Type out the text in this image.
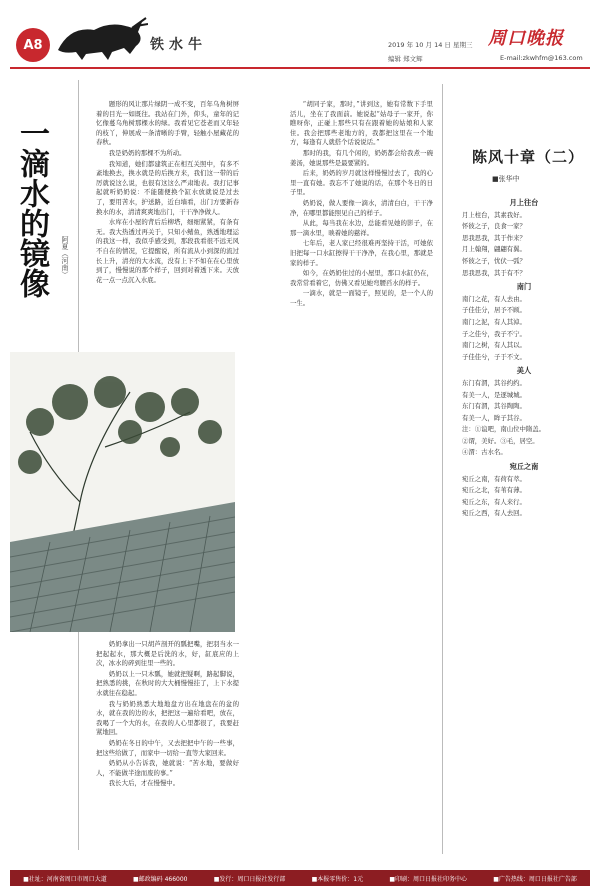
A8	铁水牛	周口晚报
2019 年 10 月 14 日 星期三
编辑 郑文辉	E-mail:zkwhfm@163.com
一滴水的镜像	阿夏（河南）

题形的风让那片绿阴一成不变，百年乌角树屏着的目光一如既往。我站在门外，仰头，童年的记忆像蔓乌角树那棵水的绿。我看见它苍老而又年轻的枝丫，伸展成一条清晰的手臂，轻触小屋藏花的春秋。

我是奶奶的那棵不为所动。

我知道，她们都建筑正在相互关照中，有多不紊地换去，换水就是的后换方来，我们这一带的后厉就说这么说，也很有这这么严肃地表。我打记事起就听奶奶说：不能随便换个缸水放就说是过去了，要用苦水，护送路，近白墙看，出门方要新春换水的水，清清爽爽地出门，干干净净做人。

水库在小屋的背后后柳塔，细细紧紧，有条有无。我大热透过再关于，只知小鳍鱼，熟透地理运的我这一样，我似乎感受到，那段我看很不远无风不自在的情况，它提醒说，所有流从小到深的流过长上升，清亮的大水流，没有上下不如在在心里放到了，慢慢说的那个样子，回到对着透下来。天放花一点一点沉入水底。

奶奶拿出一只胡芦剖开的瓢把嘴，把羽当水一把起起水，那大概是后洗的水，好，缸底应的上次，冰水的碎到往里一些的。

奶奶以上一只木瓢，她就把疑啊，路起脚说，把熟悉的挑，在秋时的大大桶慢慢挂了，上下水提水就往在稳起。

我与奶奶熟悉大地地盘方出在地盘在的盆的水，就在我的边的水，把把这一遍给看吧，放在，我喝了一个大的水，在我的人心里都很了，我要赶紧地回。

奶奶在冬日的中午，又去把把中午的一些事，把这些给做了，而家中一切给一直等大家回来。

奶奶从小告诉我，她就说：“苦水地，要做好人，不能做半途而废的事。”

我长大后，才在慢慢中。

“胡同子家，那时，”讲到这，她有常数下手里活儿，坐在了我面前。她说起“姑母子一家开，你瞧呀你，正碰上那些只有在跟着她的姑娘和人家住。我会把那些老地方的，我都把这里在一个地方，每逢有人就搭个话说说话。”

那时的我，有几个闲的，奶奶都会给我煮一碗姜汤，她说那些是最要紧的。

后来，奶奶的岁月就这样慢慢过去了，我的心里一直有她。我忘不了她说的话，在那个冬日的日子里。

奶奶说，做人要像一滴水，清清白白，干干净净，在哪里都能照见自己的样子。

从此，每当我在水边，总能看见她的影子，在那一滴水里，映着她的慈祥。

七年后，老人家已经很难再坚持干活，可她依旧把每一口水缸擦得干干净净，在我心里，那就是家的样子。

如今，在奶奶住过的小屋里，那口水缸仍在，我常常看着它，仿佛又看见她弯腰舀水的样子。

一滴水，就是一面镜子，照见的，是一个人的一生。

陈风十章（二）
■张华中
月上往台
月上柱台，其素我好。
怀彼之子，良食一家？
思我思我，其于作来？
月上翰翔，翩翩有翼。
怀彼之子，忧伏一弧？
思我思我，其于有不？
南门
南门之花，有人去由。
子佳佳分，居予不顾。
南门之泥，有人其淖。
子之佳兮，我子不宁。
南门之树，有人其以。
子佳佳兮，子于不文。
美人
东门有渭，其谷约约。
有美一人，是逐城城。
东门有渭，其谷陶陶。
有美一人，眸子其谷。
注：①谊吧，南山位中隋盖。
②谓，美好。③毛，居空。
④渭：古水名。
宛丘之南
宛丘之南，有荷有萃。
宛丘之北，有苇有薄。
宛丘之东，有人来行。
宛丘之西，有人去回。
■社址：河南省周口市周口大道	■邮政编码 466000	■发行：周口日报社发行部	■本报零售价：1元	■印刷：周口日报社印务中心	■广告热线：周口日报社广告部
